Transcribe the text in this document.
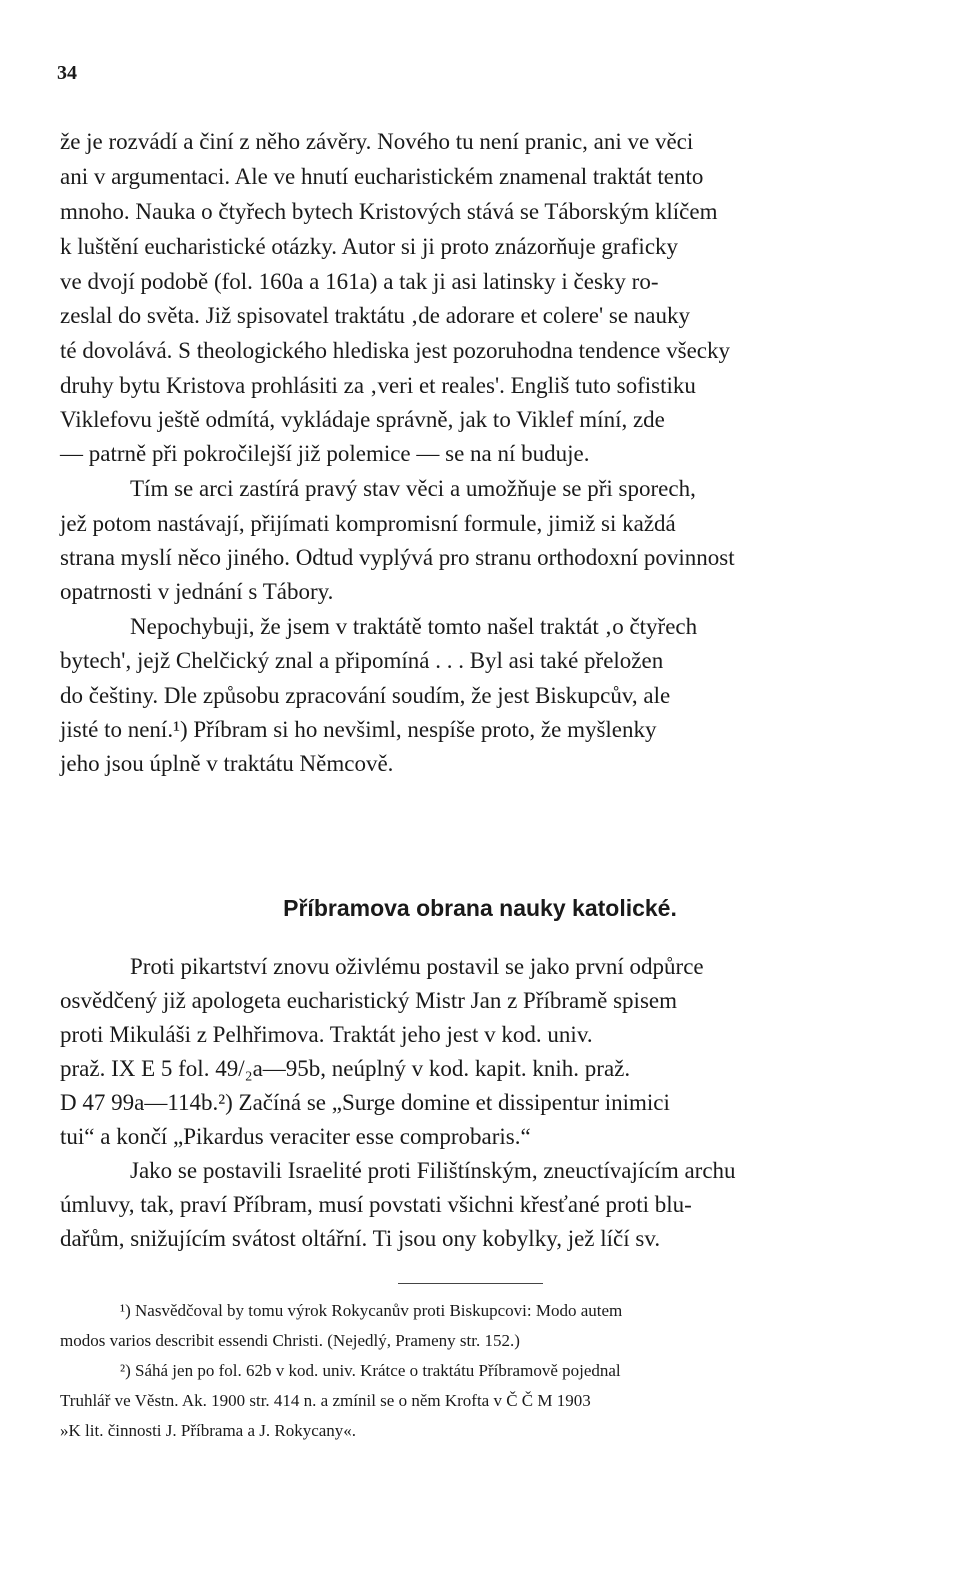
34
že je rozvádí a činí z něho závěry. Nového tu není pranic, ani ve věci
ani v argumentaci. Ale ve hnutí eucharistickém znamenal traktát tento
mnoho. Nauka o čtyřech bytech Kristových stává se Táborským klíčem
k luštění eucharistické otázky. Autor si ji proto znázorňuje graficky
ve dvojí podobě (fol. 160a a 161a) a tak ji asi latinsky i česky ro-
zeslal do světa. Již spisovatel traktátu ‚de adorare et colere' se nauky
té dovolává. S theologického hlediska jest pozoruhodna tendence všecky
druhy bytu Kristova prohlásiti za ‚veri et reales'. Engliš tuto sofistiku
Viklefovu ještě odmítá, vykládaje správně, jak to Viklef míní, zde
— patrně při pokročilejší již polemice — se na ní buduje.
Tím se arci zastírá pravý stav věci a umožňuje se při sporech,
jež potom nastávají, přijímati kompromisní formule, jimiž si každá
strana myslí něco jiného. Odtud vyplývá pro stranu orthodoxní povinnost
opatrnosti v jednání s Tábory.
Nepochybuji, že jsem v traktátě tomto našel traktát ‚o čtyřech
bytech', jejž Chelčický znal a připomíná . . . Byl asi také přeložen
do češtiny. Dle způsobu zpracování soudím, že jest Biskupcův, ale
jisté to není.¹) Příbram si ho nevšiml, nespíše proto, že myšlenky
jeho jsou úplně v traktátu Němcově.
Příbramova obrana nauky katolické.
Proti pikartství znovu oživlému postavil se jako první odpůrce
osvědčený již apologeta eucharistický Mistr Jan z Příbramě spisem
proti Mikuláši z Pelhřimova. Traktát jeho jest v kod. univ.
praž. IX E 5 fol. 49/₂a—95b, neúplný v kod. kapit. knih. praž.
D 47 99a—114b.²) Začíná se „Surge domine et dissipentur inimici
tui“ a končí „Pikardus veraciter esse comprobaris.“
Jako se postavili Israelité proti Filištínským, zneuctívajícím archu
úmluvy, tak, praví Příbram, musí povstati všichni křesťané proti blu-
dařům, snižujícím svátost oltářní. Ti jsou ony kobylky, jež líčí sv.
¹) Nasvědčoval by tomu výrok Rokycanův proti Biskupcovi: Modo autem
modos varios describit essendi Christi. (Nejedlý, Prameny str. 152.)
²) Sáhá jen po fol. 62b v kod. univ. Krátce o traktátu Příbramově pojednal
Truhlář ve Věstn. Ak. 1900 str. 414 n. a zmínil se o něm Krofta v Č Č M 1903
»K lit. činnosti J. Příbrama a J. Rokycany«.
